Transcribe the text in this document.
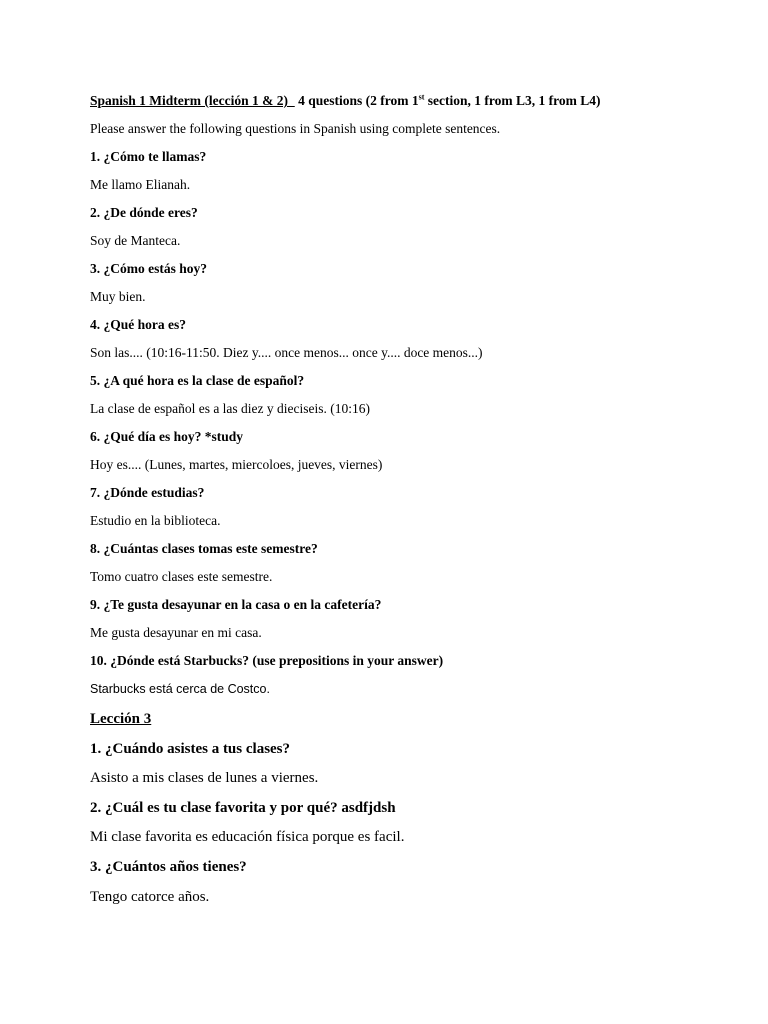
Spanish 1 Midterm (lección 1 & 2) 4 questions (2 from 1st section, 1 from L3, 1 from L4)
Please answer the following questions in Spanish using complete sentences.
1. ¿Cómo te llamas?
Me llamo Elianah.
2. ¿De dónde eres?
Soy de Manteca.
3. ¿Cómo estás hoy?
Muy bien.
4. ¿Qué hora es?
Son las.... (10:16-11:50. Diez y.... once menos... once y.... doce menos...)
5. ¿A qué hora es la clase de español?
La clase de español es a las diez y dieciseis. (10:16)
6. ¿Qué día es hoy? *study
Hoy es.... (Lunes, martes, miercoloes, jueves, viernes)
7. ¿Dónde estudias?
Estudio en la biblioteca.
8. ¿Cuántas clases tomas este semestre?
Tomo cuatro clases este semestre.
9. ¿Te gusta desayunar en la casa o en la cafetería?
Me gusta desayunar en mi casa.
10. ¿Dónde está Starbucks? (use prepositions in your answer)
Starbucks está cerca de Costco.
Lección 3
1. ¿Cuándo asistes a tus clases?
Asisto a mis clases de lunes a viernes.
2. ¿Cuál es tu clase favorita y por qué? asdfjdsh
Mi clase favorita es educación física porque es facil.
3. ¿Cuántos años tienes?
Tengo catorce años.
